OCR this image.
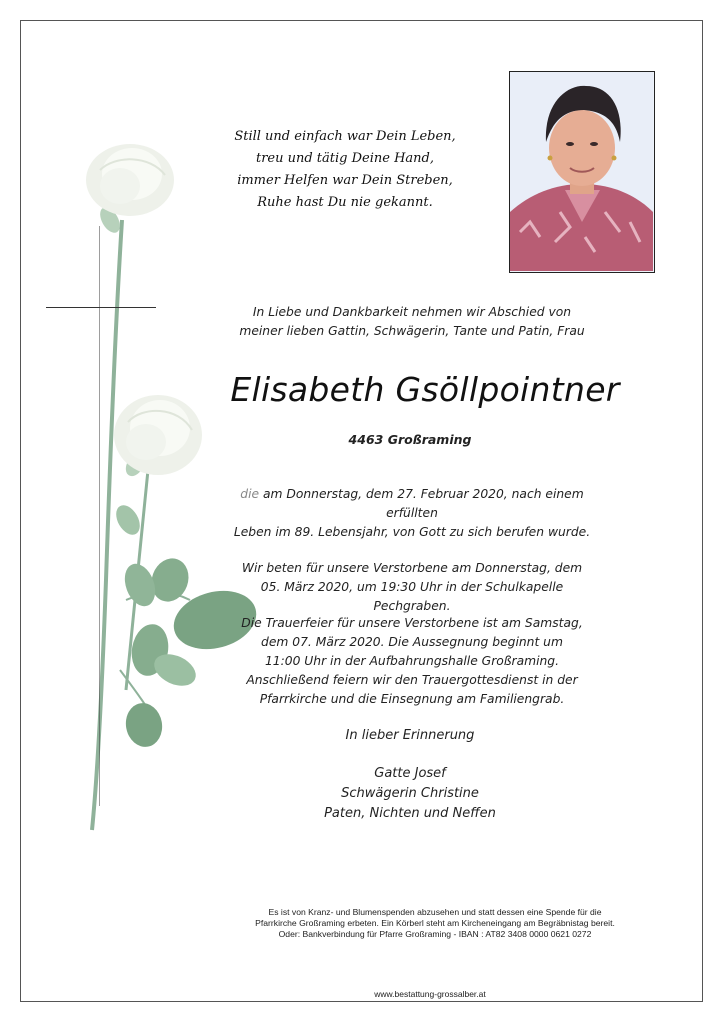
Still und einfach war Dein Leben,
treu und tätig Deine Hand,
immer Helfen war Dein Streben,
Ruhe hast Du nie gekannt.
In Liebe und Dankbarkeit nehmen wir Abschied von
meiner lieben Gattin, Schwägerin, Tante und Patin, Frau
Elisabeth Gsöllpointner
4463 Großraming
die am Donnerstag, dem 27. Februar 2020, nach einem erfüllten
Leben im 89. Lebensjahr, von Gott zu sich berufen wurde.
Wir beten für unsere Verstorbene am Donnerstag, dem
05. März 2020, um 19:30 Uhr in der Schulkapelle Pechgraben.
Die Trauerfeier für unsere Verstorbene ist am Samstag,
dem 07. März 2020. Die Aussegnung beginnt um
11:00 Uhr in der Aufbahrungshalle Großraming.
Anschließend feiern wir den Trauergottesdienst in der
Pfarrkirche und die Einsegnung am Familiengrab.
In lieber Erinnerung
Gatte Josef
Schwägerin Christine
Paten, Nichten und Neffen
Es ist von Kranz- und Blumenspenden abzusehen und statt dessen eine Spende für die
Pfarrkirche Großraming erbeten. Ein Körberl steht am Kircheneingang am Begräbnistag bereit.
Oder: Bankverbindung für Pfarre Großraming - IBAN : AT82 3408 0000 0621 0272
www.bestattung-grossalber.at
